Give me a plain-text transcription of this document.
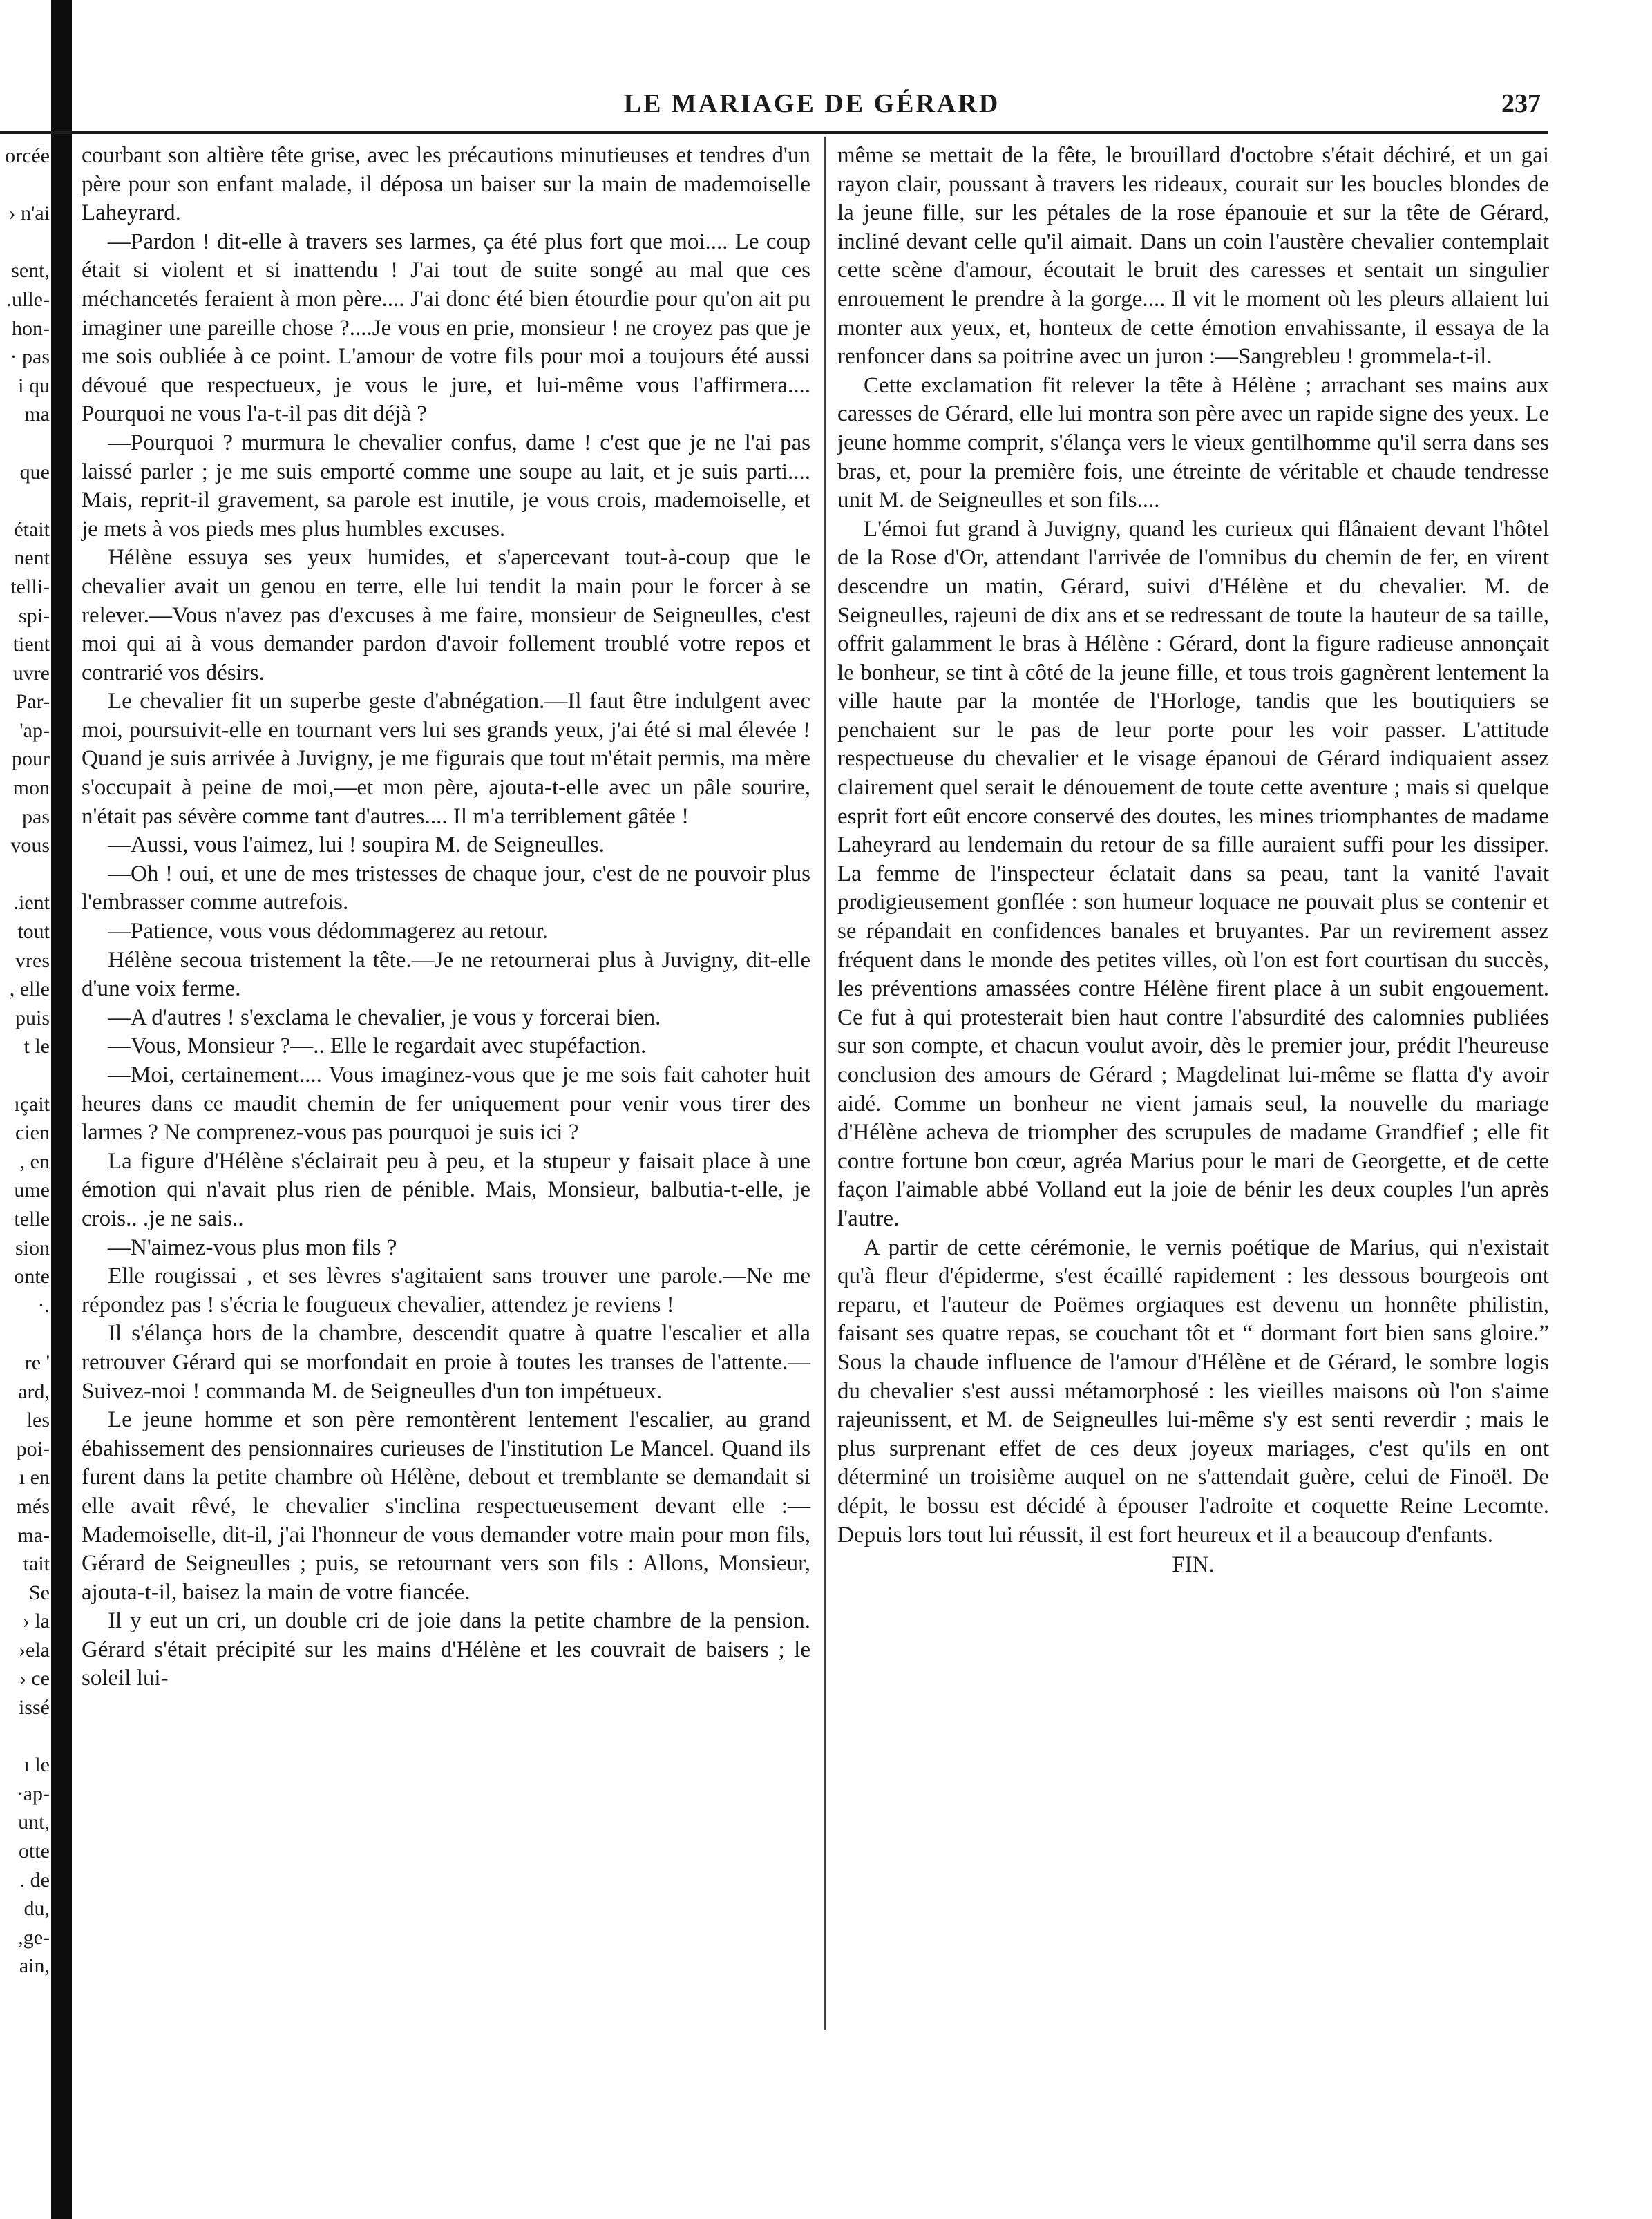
orcée
› n'ai
sent,
.ulle-
hon-
· pas
i qu
ma
que
était
nent
telli-
spi-
tient
uvre
Par-
'ap-
pour
mon
pas
vous
.ient
tout
vres
, elle
puis
t le
ıçait
cien
, en
ume
telle
sion
onte
·.
re '
ard,
les
poi-
ı en
més
ma-
tait
Se
› la
›ela
› ce
issé
ı le
·ap-
unt,
otte
. de
du,
,ge-
ain,
LE MARIAGE DE GÉRARD	237

courbant son altière tête grise, avec les précautions minutieuses et tendres d'un père pour son enfant malade, il déposa un baiser sur la main de mademoiselle Laheyrard.

—Pardon ! dit-elle à travers ses larmes, ça été plus fort que moi.... Le coup était si violent et si inattendu ! J'ai tout de suite songé au mal que ces méchancetés feraient à mon père.... J'ai donc été bien étourdie pour qu'on ait pu imaginer une pareille chose ?....Je vous en prie, monsieur ! ne croyez pas que je me sois oubliée à ce point. L'amour de votre fils pour moi a toujours été aussi dévoué que respectueux, je vous le jure, et lui-même vous l'affirmera.... Pourquoi ne vous l'a-t-il pas dit déjà ?

—Pourquoi ? murmura le chevalier confus, dame ! c'est que je ne l'ai pas laissé parler ; je me suis emporté comme une soupe au lait, et je suis parti.... Mais, reprit-il gravement, sa parole est inutile, je vous crois, mademoiselle, et je mets à vos pieds mes plus humbles excuses.

Hélène essuya ses yeux humides, et s'apercevant tout-à-coup que le chevalier avait un genou en terre, elle lui tendit la main pour le forcer à se relever.—Vous n'avez pas d'excuses à me faire, monsieur de Seigneulles, c'est moi qui ai à vous demander pardon d'avoir follement troublé votre repos et contrarié vos désirs.

Le chevalier fit un superbe geste d'abnégation.—Il faut être indulgent avec moi, poursuivit-elle en tournant vers lui ses grands yeux, j'ai été si mal élevée ! Quand je suis arrivée à Juvigny, je me figurais que tout m'était permis, ma mère s'occupait à peine de moi,—et mon père, ajouta-t-elle avec un pâle sourire, n'était pas sévère comme tant d'autres.... Il m'a terriblement gâtée !

—Aussi, vous l'aimez, lui ! soupira M. de Seigneulles.

—Oh ! oui, et une de mes tristesses de chaque jour, c'est de ne pouvoir plus l'embrasser comme autrefois.

—Patience, vous vous dédommagerez au retour.

Hélène secoua tristement la tête.—Je ne retournerai plus à Juvigny, dit-elle d'une voix ferme.

—A d'autres ! s'exclama le chevalier, je vous y forcerai bien.

—Vous, Monsieur ?—.. Elle le regardait avec stupéfaction.

—Moi, certainement.... Vous imaginez-vous que je me sois fait cahoter huit heures dans ce maudit chemin de fer uniquement pour venir vous tirer des larmes ? Ne comprenez-vous pas pourquoi je suis ici ?

La figure d'Hélène s'éclairait peu à peu, et la stupeur y faisait place à une émotion qui n'avait plus rien de pénible. Mais, Monsieur, balbutia-t-elle, je crois.. .je ne sais..

—N'aimez-vous plus mon fils ?

Elle rougissai , et ses lèvres s'agitaient sans trouver une parole.—Ne me répondez pas ! s'écria le fougueux chevalier, attendez je reviens !

Il s'élança hors de la chambre, descendit quatre à quatre l'escalier et alla retrouver Gérard qui se morfondait en proie à toutes les transes de l'attente.—Suivez-moi ! commanda M. de Seigneulles d'un ton impétueux.

Le jeune homme et son père remontèrent lentement l'escalier, au grand ébahissement des pensionnaires curieuses de l'institution Le Mancel. Quand ils furent dans la petite chambre où Hélène, debout et tremblante se demandait si elle avait rêvé, le chevalier s'inclina respectueusement devant elle :—Mademoiselle, dit-il, j'ai l'honneur de vous demander votre main pour mon fils, Gérard de Seigneulles ; puis, se retournant vers son fils : Allons, Monsieur, ajouta-t-il, baisez la main de votre fiancée.

Il y eut un cri, un double cri de joie dans la petite chambre de la pension. Gérard s'était précipité sur les mains d'Hélène et les couvrait de baisers ; le soleil lui-

même se mettait de la fête, le brouillard d'octobre s'était déchiré, et un gai rayon clair, poussant à travers les rideaux, courait sur les boucles blondes de la jeune fille, sur les pétales de la rose épanouie et sur la tête de Gérard, incliné devant celle qu'il aimait. Dans un coin l'austère chevalier contemplait cette scène d'amour, écoutait le bruit des caresses et sentait un singulier enrouement le prendre à la gorge.... Il vit le moment où les pleurs allaient lui monter aux yeux, et, honteux de cette émotion envahissante, il essaya de la renfoncer dans sa poitrine avec un juron :—Sangrebleu ! grommela-t-il.

Cette exclamation fit relever la tête à Hélène ; arrachant ses mains aux caresses de Gérard, elle lui montra son père avec un rapide signe des yeux. Le jeune homme comprit, s'élança vers le vieux gentilhomme qu'il serra dans ses bras, et, pour la première fois, une étreinte de véritable et chaude tendresse unit M. de Seigneulles et son fils....

L'émoi fut grand à Juvigny, quand les curieux qui flânaient devant l'hôtel de la Rose d'Or, attendant l'arrivée de l'omnibus du chemin de fer, en virent descendre un matin, Gérard, suivi d'Hélène et du chevalier. M. de Seigneulles, rajeuni de dix ans et se redressant de toute la hauteur de sa taille, offrit galamment le bras à Hélène : Gérard, dont la figure radieuse annonçait le bonheur, se tint à côté de la jeune fille, et tous trois gagnèrent lentement la ville haute par la montée de l'Horloge, tandis que les boutiquiers se penchaient sur le pas de leur porte pour les voir passer. L'attitude respectueuse du chevalier et le visage épanoui de Gérard indiquaient assez clairement quel serait le dénouement de toute cette aventure ; mais si quelque esprit fort eût encore conservé des doutes, les mines triomphantes de madame Laheyrard au lendemain du retour de sa fille auraient suffi pour les dissiper. La femme de l'inspecteur éclatait dans sa peau, tant la vanité l'avait prodigieusement gonflée : son humeur loquace ne pouvait plus se contenir et se répandait en confidences banales et bruyantes. Par un revirement assez fréquent dans le monde des petites villes, où l'on est fort courtisan du succès, les préventions amassées contre Hélène firent place à un subit engouement. Ce fut à qui protesterait bien haut contre l'absurdité des calomnies publiées sur son compte, et chacun voulut avoir, dès le premier jour, prédit l'heureuse conclusion des amours de Gérard ; Magdelinat lui-même se flatta d'y avoir aidé. Comme un bonheur ne vient jamais seul, la nouvelle du mariage d'Hélène acheva de triompher des scrupules de madame Grandfief ; elle fit contre fortune bon cœur, agréa Marius pour le mari de Georgette, et de cette façon l'aimable abbé Volland eut la joie de bénir les deux couples l'un après l'autre.

A partir de cette cérémonie, le vernis poétique de Marius, qui n'existait qu'à fleur d'épiderme, s'est écaillé rapidement : les dessous bourgeois ont reparu, et l'auteur de Poëmes orgiaques est devenu un honnête philistin, faisant ses quatre repas, se couchant tôt et “ dormant fort bien sans gloire.” Sous la chaude influence de l'amour d'Hélène et de Gérard, le sombre logis du chevalier s'est aussi métamorphosé : les vieilles maisons où l'on s'aime rajeunissent, et M. de Seigneulles lui-même s'y est senti reverdir ; mais le plus surprenant effet de ces deux joyeux mariages, c'est qu'ils en ont déterminé un troisième auquel on ne s'attendait guère, celui de Finoël. De dépit, le bossu est décidé à épouser l'adroite et coquette Reine Lecomte. Depuis lors tout lui réussit, il est fort heureux et il a beaucoup d'enfants.

FIN.
